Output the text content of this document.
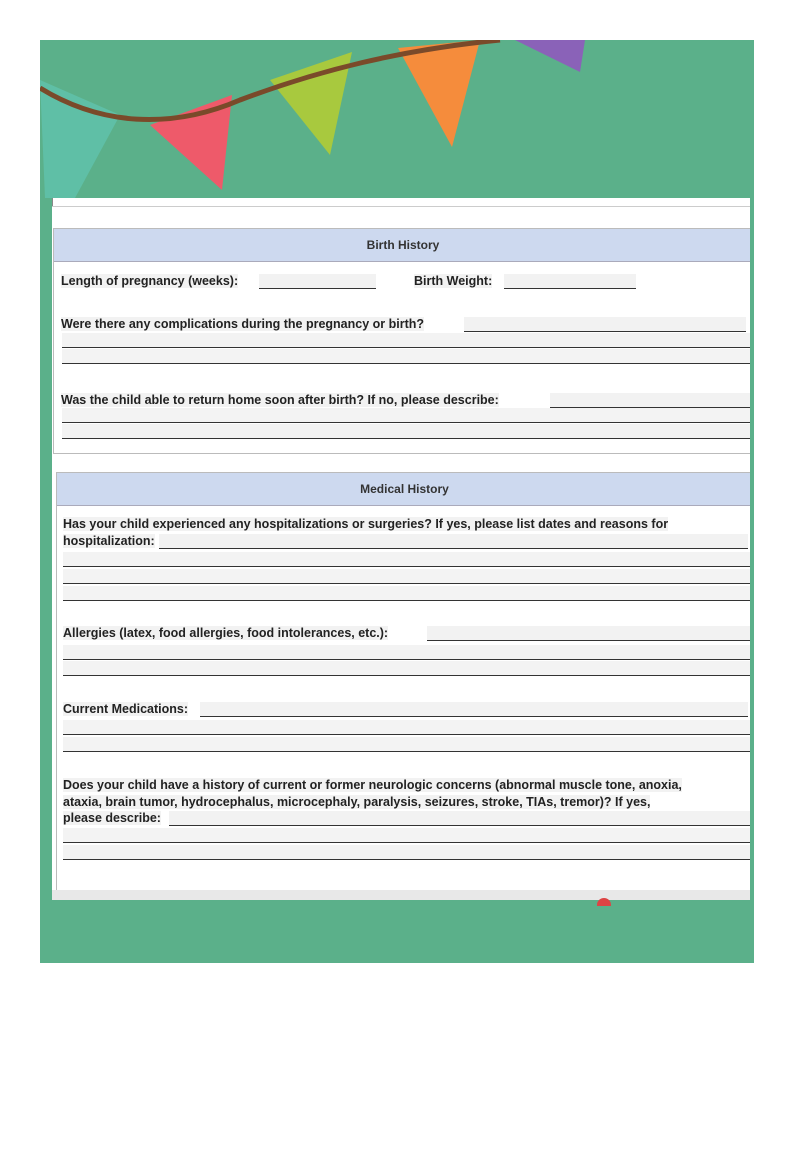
Birth History
Length of pregnancy (weeks):	Birth Weight:
Were there any complications during the pregnancy or birth?
Was the child able to return home soon after birth? If no, please describe:
Medical History
Has your child experienced any hospitalizations or surgeries? If yes, please list dates and reasons for
hospitalization:
Allergies (latex, food allergies, food intolerances, etc.):
Current Medications:
Does your child have a history of current or former neurologic concerns (abnormal muscle tone, anoxia,
ataxia, brain tumor, hydrocephalus, microcephaly, paralysis, seizures, stroke, TIAs, tremor)? If yes,
please describe:
